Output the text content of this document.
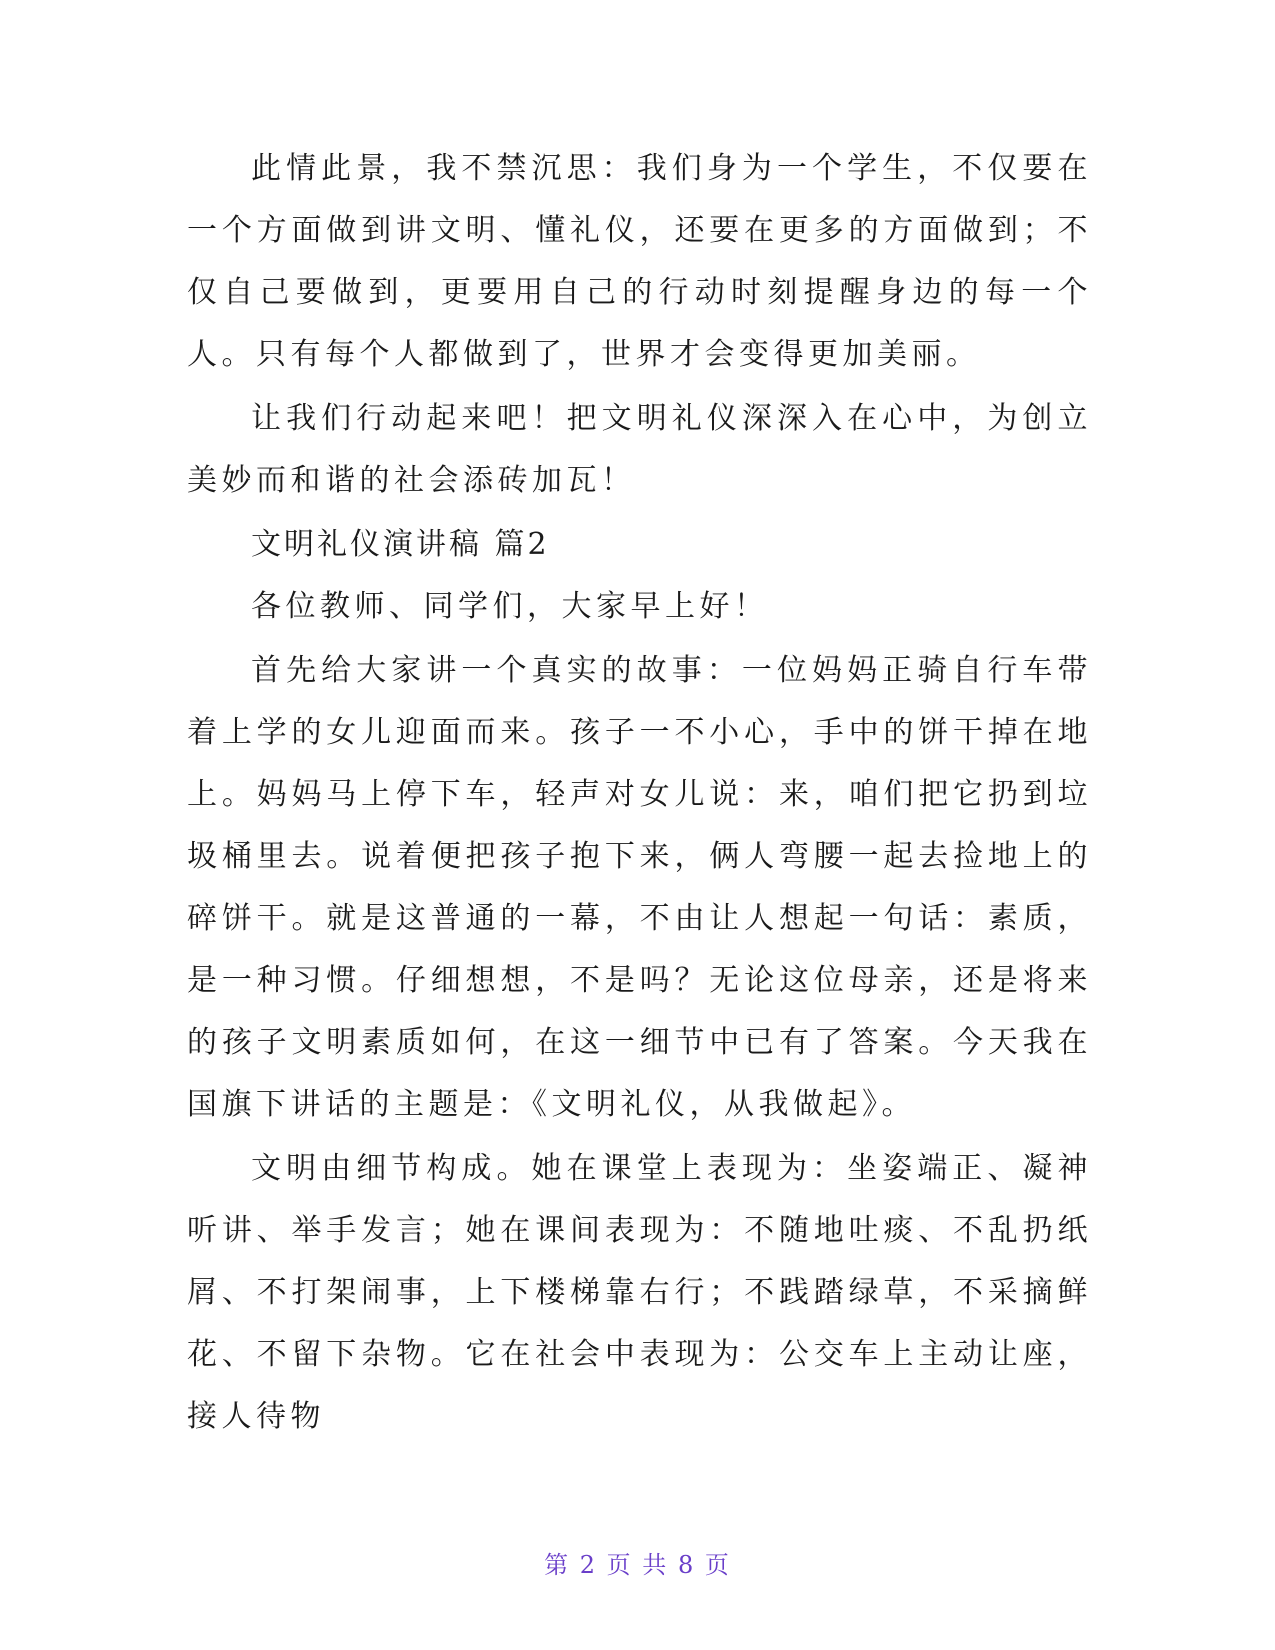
此情此景，我不禁沉思：我们身为一个学生，不仅要在一个方面做到讲文明、懂礼仪，还要在更多的方面做到；不仅自己要做到，更要用自己的行动时刻提醒身边的每一个人。只有每个人都做到了，世界才会变得更加美丽。

让我们行动起来吧！把文明礼仪深深入在心中，为创立美妙而和谐的社会添砖加瓦！

文明礼仪演讲稿 篇2

各位教师、同学们，大家早上好！

首先给大家讲一个真实的故事：一位妈妈正骑自行车带着上学的女儿迎面而来。孩子一不小心，手中的饼干掉在地上。妈妈马上停下车，轻声对女儿说：来，咱们把它扔到垃圾桶里去。说着便把孩子抱下来，俩人弯腰一起去捡地上的碎饼干。就是这普通的一幕，不由让人想起一句话：素质，是一种习惯。仔细想想，不是吗？无论这位母亲，还是将来的孩子文明素质如何，在这一细节中已有了答案。今天我在国旗下讲话的主题是：《文明礼仪，从我做起》。

文明由细节构成。她在课堂上表现为：坐姿端正、凝神听讲、举手发言；她在课间表现为：不随地吐痰、不乱扔纸屑、不打架闹事，上下楼梯靠右行；不践踏绿草，不采摘鲜花、不留下杂物。它在社会中表现为：公交车上主动让座，接人待物

第 2 页 共 8 页
